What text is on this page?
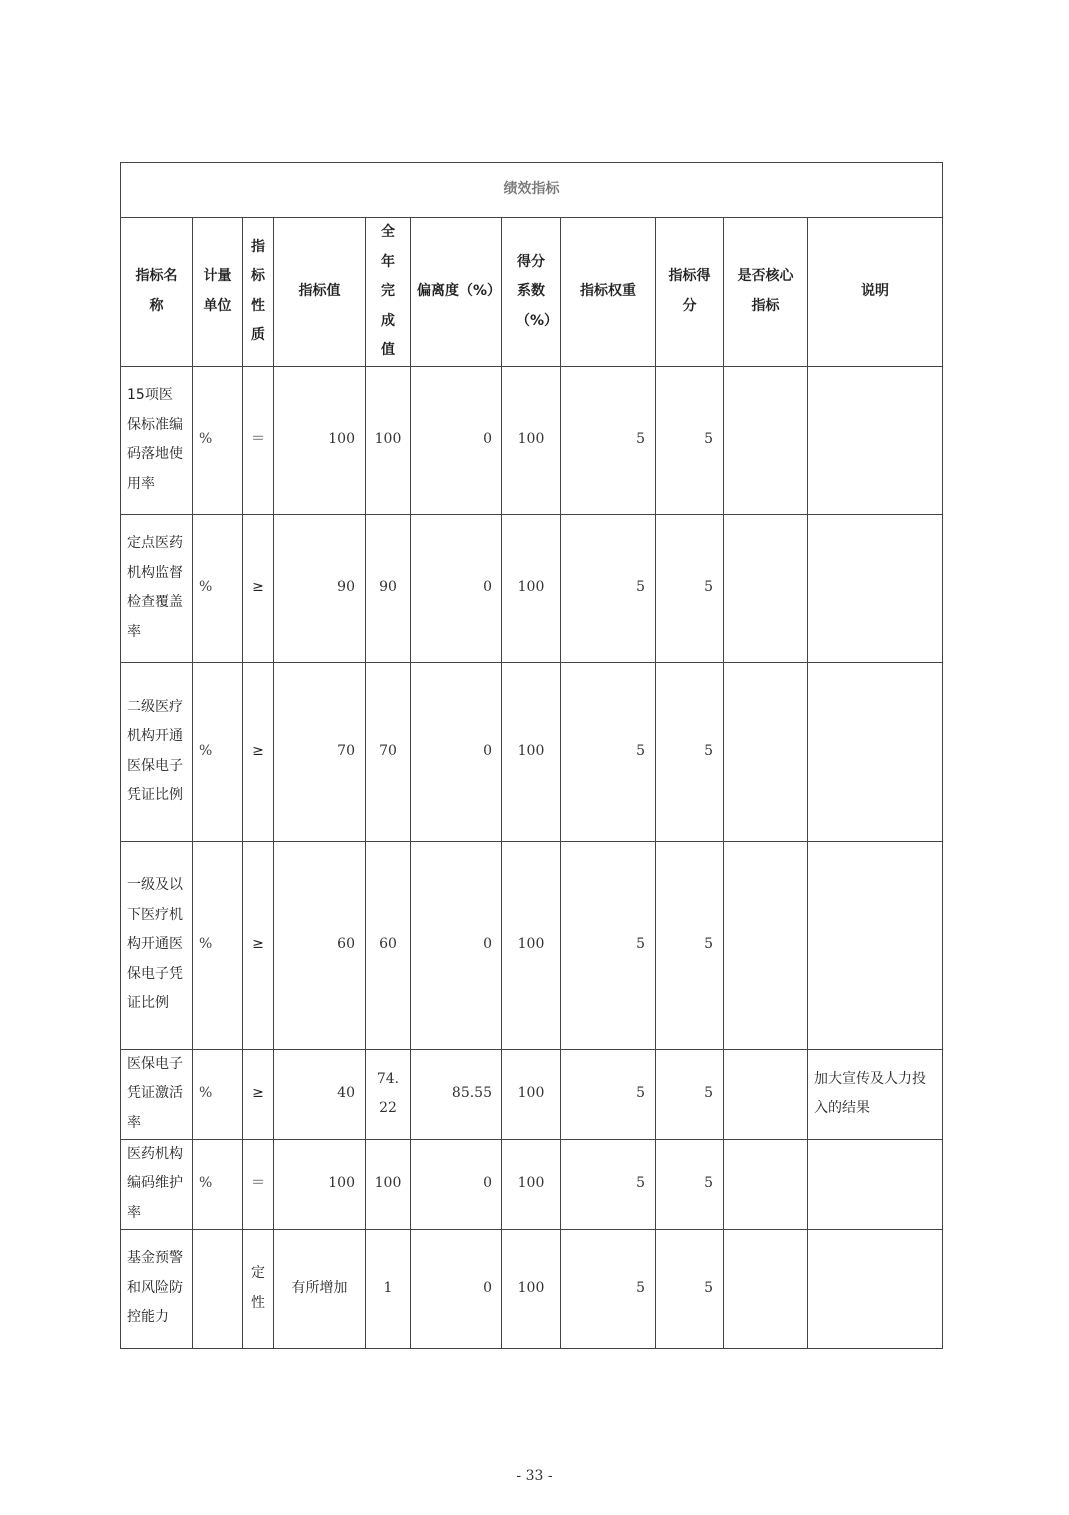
绩效指标										
指标名称	计量单位	指标性质	指标值	全年完成值	偏离度（%）	得分系数（%）	指标权重	指标得分	是否核心指标	说明
15项医保标准编码落地使用率	%	＝	100	100	0	100	5	5		
定点医药机构监督检查覆盖率	%	≥	90	90	0	100	5	5		
二级医疗机构开通医保电子凭证比例	%	≥	70	70	0	100	5	5		
一级及以下医疗机构开通医保电子凭证比例	%	≥	60	60	0	100	5	5		
医保电子凭证激活率	%	≥	40	74.22	85.55	100	5	5		加大宣传及人力投入的结果
医药机构编码维护率	%	＝	100	100	0	100	5	5		
基金预警和风险防控能力		定性	有所增加	1	0	100	5	5		
- 33 -
